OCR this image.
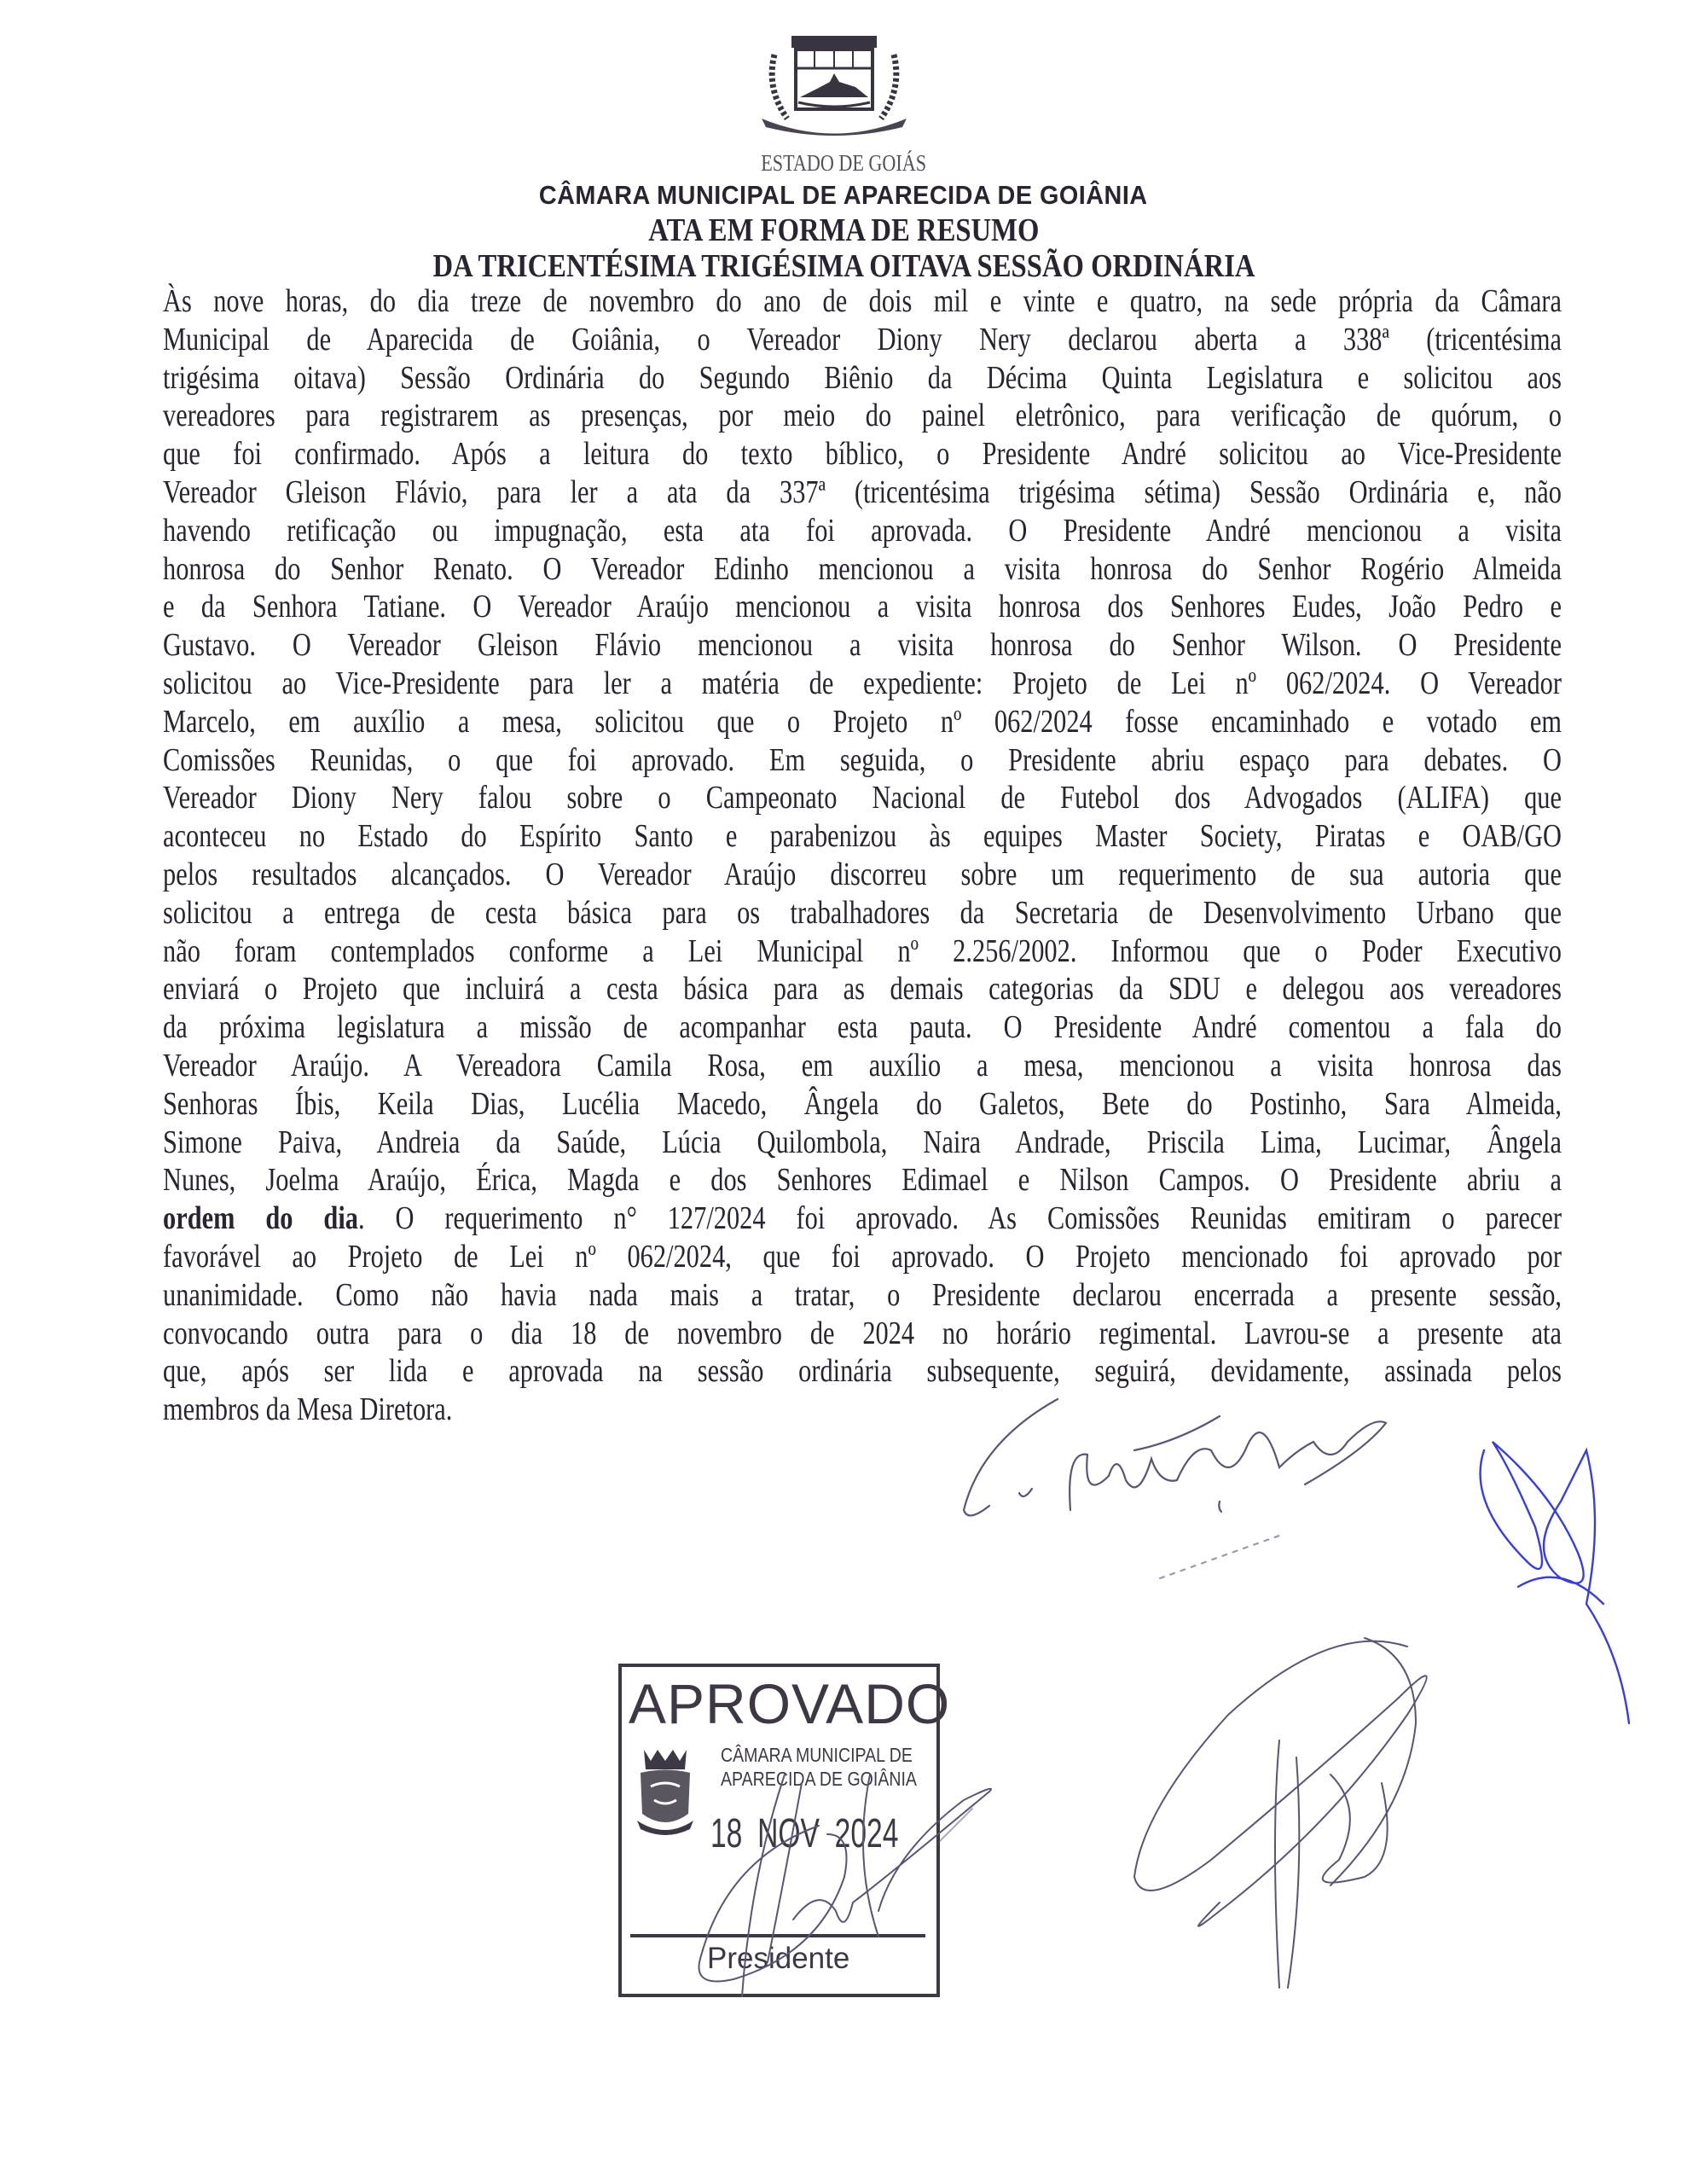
ESTADO DE GOIÁS
CÂMARA MUNICIPAL DE APARECIDA DE GOIÂNIA
ATA EM FORMA DE RESUMO
DA TRICENTÉSIMA TRIGÉSIMA OITAVA SESSÃO ORDINÁRIA
Às nove horas, do dia treze de novembro do ano de dois mil e vinte e quatro, na sede própria da Câmara
Municipal de Aparecida de Goiânia, o Vereador Diony Nery declarou aberta a 338ª (tricentésima
trigésima oitava) Sessão Ordinária do Segundo Biênio da Décima Quinta Legislatura e solicitou aos
vereadores para registrarem as presenças, por meio do painel eletrônico, para verificação de quórum, o
que foi confirmado. Após a leitura do texto bíblico, o Presidente André solicitou ao Vice-Presidente
Vereador Gleison Flávio, para ler a ata da 337ª (tricentésima trigésima sétima) Sessão Ordinária e, não
havendo retificação ou impugnação, esta ata foi aprovada. O Presidente André mencionou a visita
honrosa do Senhor Renato. O Vereador Edinho mencionou a visita honrosa do Senhor Rogério Almeida
e da Senhora Tatiane. O Vereador Araújo mencionou a visita honrosa dos Senhores Eudes, João Pedro e
Gustavo. O Vereador Gleison Flávio mencionou a visita honrosa do Senhor Wilson. O Presidente
solicitou ao Vice-Presidente para ler a matéria de expediente: Projeto de Lei nº 062/2024. O Vereador
Marcelo, em auxílio a mesa, solicitou que o Projeto nº 062/2024 fosse encaminhado e votado em
Comissões Reunidas, o que foi aprovado. Em seguida, o Presidente abriu espaço para debates. O
Vereador Diony Nery falou sobre o Campeonato Nacional de Futebol dos Advogados (ALIFA) que
aconteceu no Estado do Espírito Santo e parabenizou às equipes Master Society, Piratas e OAB/GO
pelos resultados alcançados. O Vereador Araújo discorreu sobre um requerimento de sua autoria que
solicitou a entrega de cesta básica para os trabalhadores da Secretaria de Desenvolvimento Urbano que
não foram contemplados conforme a Lei Municipal nº 2.256/2002. Informou que o Poder Executivo
enviará o Projeto que incluirá a cesta básica para as demais categorias da SDU e delegou aos vereadores
da próxima legislatura a missão de acompanhar esta pauta. O Presidente André comentou a fala do
Vereador Araújo. A Vereadora Camila Rosa, em auxílio a mesa, mencionou a visita honrosa das
Senhoras Íbis, Keila Dias, Lucélia Macedo, Ângela do Galetos, Bete do Postinho, Sara Almeida,
Simone Paiva, Andreia da Saúde, Lúcia Quilombola, Naira Andrade, Priscila Lima, Lucimar, Ângela
Nunes, Joelma Araújo, Érica, Magda e dos Senhores Edimael e Nilson Campos. O Presidente abriu a
ordem do dia. O requerimento n° 127/2024 foi aprovado. As Comissões Reunidas emitiram o parecer
favorável ao Projeto de Lei nº 062/2024, que foi aprovado. O Projeto mencionado foi aprovado por
unanimidade. Como não havia nada mais a tratar, o Presidente declarou encerrada a presente sessão,
convocando outra para o dia 18 de novembro de 2024 no horário regimental. Lavrou-se a presente ata
que, após ser lida e aprovada na sessão ordinária subsequente, seguirá, devidamente, assinada pelos
membros da Mesa Diretora.
APROVADO
CÂMARA MUNICIPAL DE
APARECIDA DE GOIÂNIA
18 NOV 2024
Presidente
